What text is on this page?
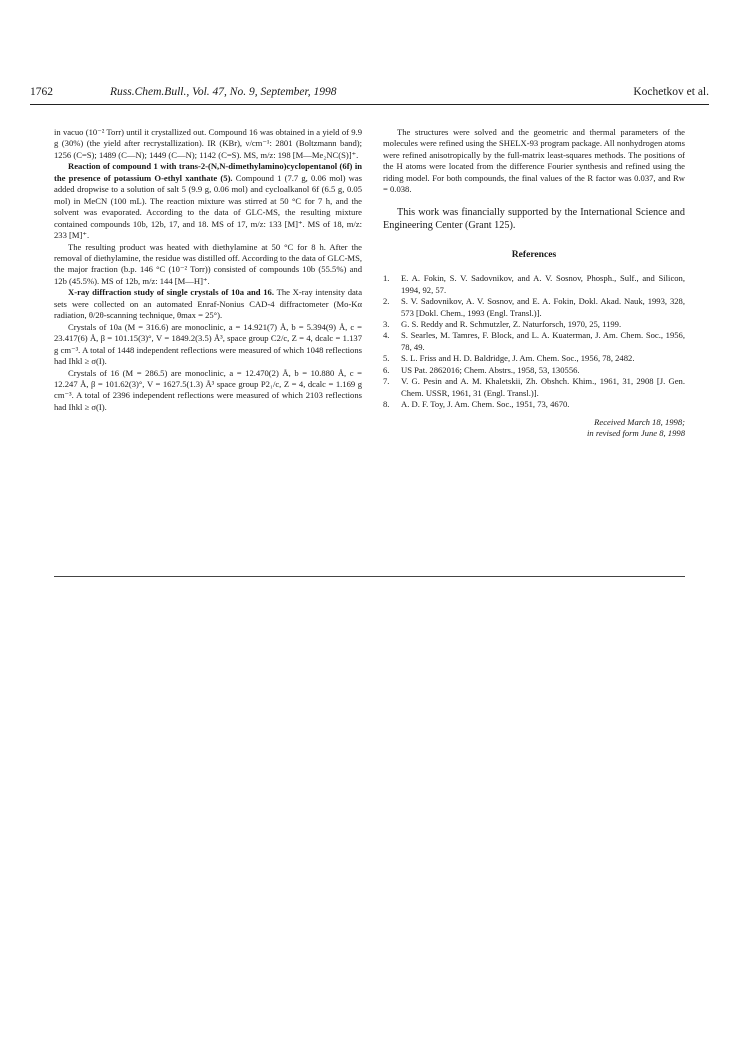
1762	Russ.Chem.Bull., Vol. 47, No. 9, September, 1998	Kochetkov et al.

in vacuo (10⁻² Torr) until it crystallized out. Compound 16 was obtained in a yield of 9.9 g (30%) (the yield after recrystallization). IR (KBr), ν/cm⁻¹: 2801 (Boltzmann band); 1256 (C=S); 1489 (C—N); 1449 (C—N); 1142 (C=S). MS, m/z: 198 [M—Me₂NC(S)]⁺.

Reaction of compound 1 with trans-2-(N,N-dimethylamino)cyclopentanol (6f) in the presence of potassium O-ethyl xanthate (5). Compound 1 (7.7 g, 0.06 mol) was added dropwise to a solution of salt 5 (9.9 g, 0.06 mol) and cycloalkanol 6f (6.5 g, 0.05 mol) in MeCN (100 mL). The reaction mixture was stirred at 50 °C for 7 h, and the solvent was evaporated. According to the data of GLC-MS, the resulting mixture contained compounds 10b, 12b, 17, and 18. MS of 17, m/z: 133 [M]⁺. MS of 18, m/z: 233 [M]⁺.

The resulting product was heated with diethylamine at 50 °C for 8 h. After the removal of diethylamine, the residue was distilled off. According to the data of GLC-MS, the major fraction (b.p. 146 °C (10⁻² Torr)) consisted of compounds 10b (55.5%) and 12b (45.5%). MS of 12b, m/z: 144 [M—H]⁺.

X-ray diffraction study of single crystals of 10a and 16. The X-ray intensity data sets were collected on an automated Enraf-Nonius CAD-4 diffractometer (Mo-Kα radiation, θ/2θ-scanning technique, θmax = 25°).

Crystals of 10a (M = 316.6) are monoclinic, a = 14.921(7) Å, b = 5.394(9) Å, c = 23.417(6) Å, β = 101.15(3)°, V = 1849.2(3.5) Å³, space group C2/c, Z = 4, dcalc = 1.137 g cm⁻³. A total of 1448 independent reflections were measured of which 1048 reflections had Ihkl ≥ σ(I).

Crystals of 16 (M = 286.5) are monoclinic, a = 12.470(2) Å, b = 10.880 Å, c = 12.247 Å, β = 101.62(3)°, V = 1627.5(1.3) Å³ space group P2₁/c, Z = 4, dcalc = 1.169 g cm⁻³. A total of 2396 independent reflections were measured of which 2103 reflections had Ihkl ≥ σ(I).

The structures were solved and the geometric and thermal parameters of the molecules were refined using the SHELX-93 program package. All nonhydrogen atoms were refined anisotropically by the full-matrix least-squares methods. The positions of the H atoms were located from the difference Fourier synthesis and refined using the riding model. For both compounds, the final values of the R factor was 0.037, and Rw = 0.038.

This work was financially supported by the International Science and Engineering Center (Grant 125).

References

1. E. A. Fokin, S. V. Sadovnikov, and A. V. Sosnov, Phosph., Sulf., and Silicon, 1994, 92, 57.
2. S. V. Sadovnikov, A. V. Sosnov, and E. A. Fokin, Dokl. Akad. Nauk, 1993, 328, 573 [Dokl. Chem., 1993 (Engl. Transl.)].
3. G. S. Reddy and R. Schmutzler, Z. Naturforsch, 1970, 25, 1199.
4. S. Searles, M. Tamres, F. Block, and L. A. Kuaterman, J. Am. Chem. Soc., 1956, 78, 49.
5. S. L. Friss and H. D. Baldridge, J. Am. Chem. Soc., 1956, 78, 2482.
6. US Pat. 2862016; Chem. Abstrs., 1958, 53, 130556.
7. V. G. Pesin and A. M. Khaletskii, Zh. Obshch. Khim., 1961, 31, 2908 [J. Gen. Chem. USSR, 1961, 31 (Engl. Transl.)].
8. A. D. F. Toy, J. Am. Chem. Soc., 1951, 73, 4670.
Received March 18, 1998;
in revised form June 8, 1998
